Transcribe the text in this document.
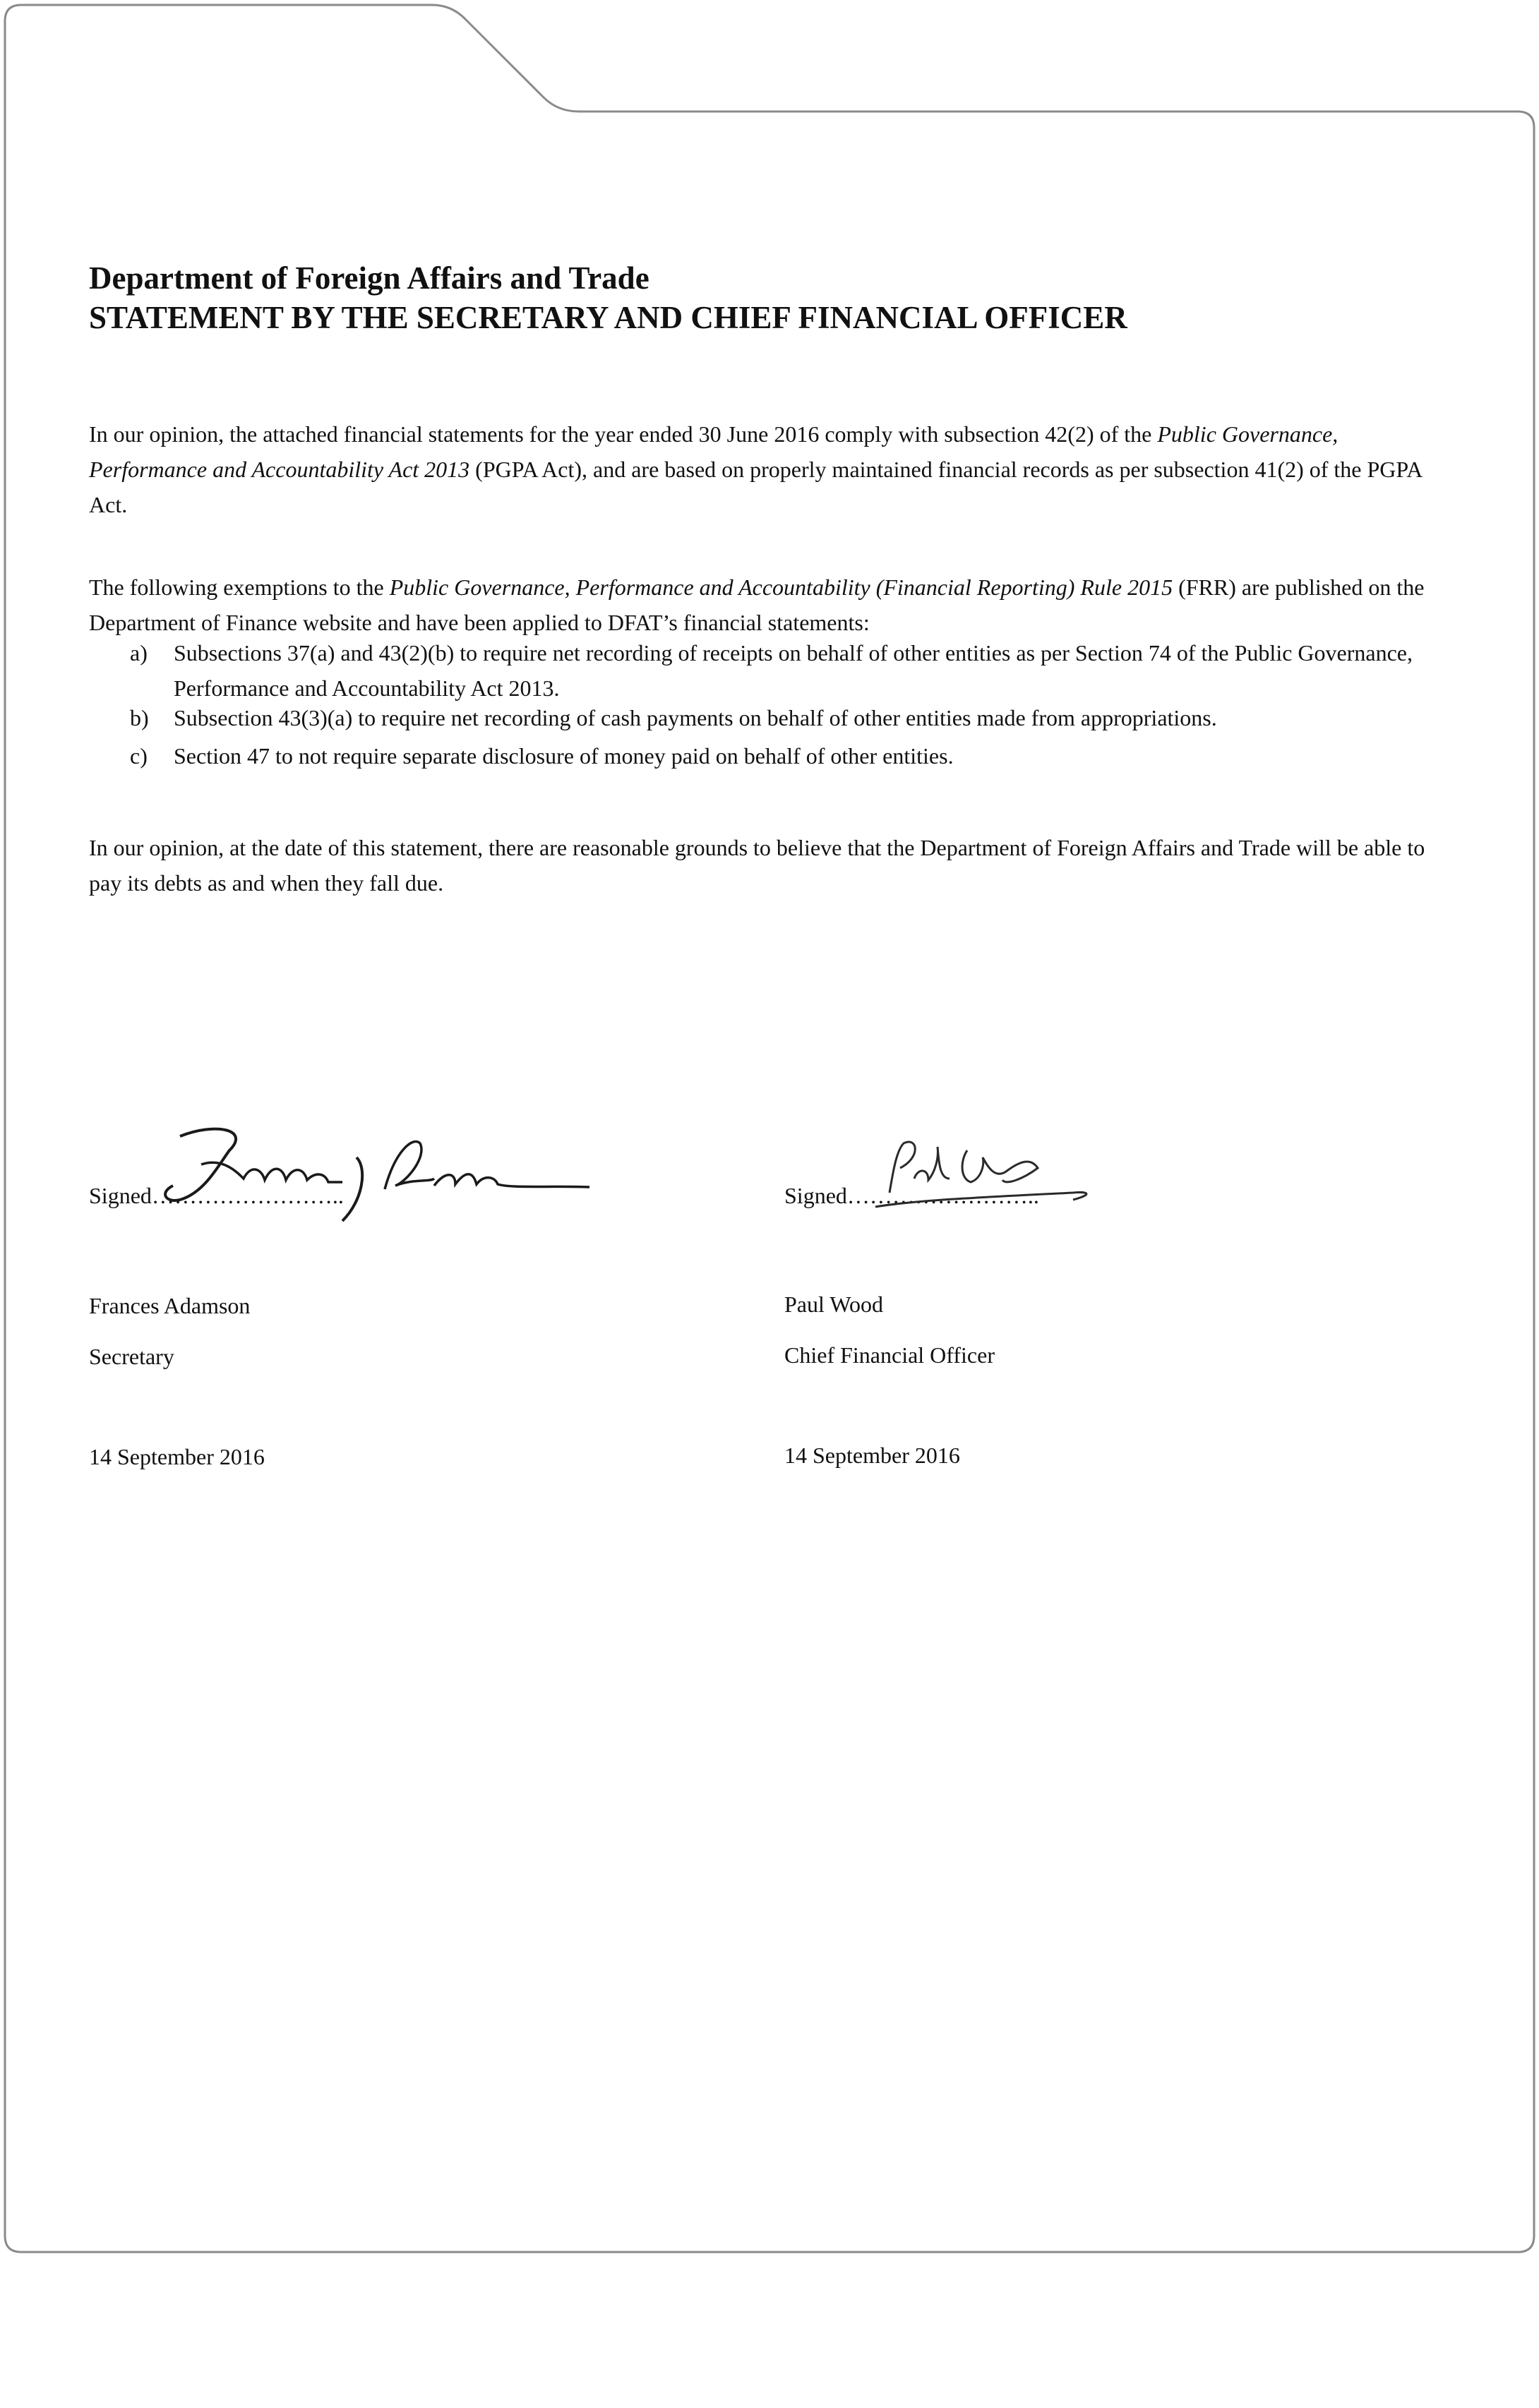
Department of Foreign Affairs and Trade
STATEMENT BY THE SECRETARY AND CHIEF FINANCIAL OFFICER
In our opinion, the attached financial statements for the year ended 30 June 2016 comply with subsection 42(2) of the Public Governance, Performance and Accountability Act 2013 (PGPA Act), and are based on properly maintained financial records as per subsection 41(2) of the PGPA Act.
The following exemptions to the Public Governance, Performance and Accountability (Financial Reporting) Rule 2015 (FRR) are published on the Department of Finance website and have been applied to DFAT’s financial statements:
a)	Subsections 37(a) and 43(2)(b) to require net recording of receipts on behalf of other entities as per Section 74 of the Public Governance, Performance and Accountability Act 2013.
b)	Subsection 43(3)(a) to require net recording of cash payments on behalf of other entities made from appropriations.
c)	Section 47 to not require separate disclosure of money paid on behalf of other entities.
In our opinion, at the date of this statement, there are reasonable grounds to believe that the Department of Foreign Affairs and Trade will be able to pay its debts as and when they fall due.
Signed……………………..
Frances Adamson
Secretary
14 September 2016
Signed……………………..
Paul Wood
Chief Financial Officer
14 September 2016
